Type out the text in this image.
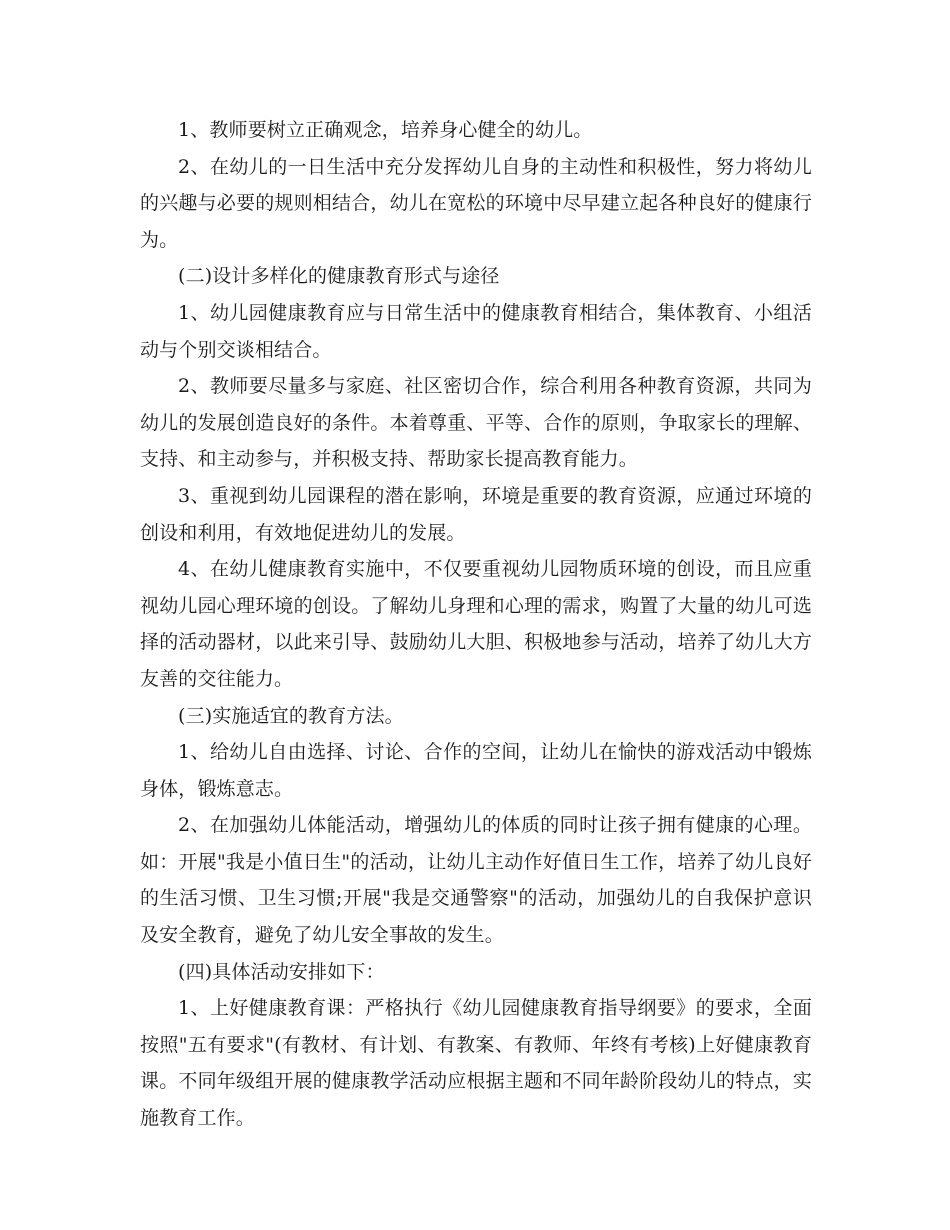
1、教师要树立正确观念，培养身心健全的幼儿。

2、在幼儿的一日生活中充分发挥幼儿自身的主动性和积极性，努力将幼儿的兴趣与必要的规则相结合，幼儿在宽松的环境中尽早建立起各种良好的健康行为。

(二)设计多样化的健康教育形式与途径

1、幼儿园健康教育应与日常生活中的健康教育相结合，集体教育、小组活动与个别交谈相结合。

2、教师要尽量多与家庭、社区密切合作，综合利用各种教育资源，共同为幼儿的发展创造良好的条件。本着尊重、平等、合作的原则，争取家长的理解、支持、和主动参与，并积极支持、帮助家长提高教育能力。

3、重视到幼儿园课程的潜在影响，环境是重要的教育资源，应通过环境的创设和利用，有效地促进幼儿的发展。

4、在幼儿健康教育实施中，不仅要重视幼儿园物质环境的创设，而且应重视幼儿园心理环境的创设。了解幼儿身理和心理的需求，购置了大量的幼儿可选择的活动器材，以此来引导、鼓励幼儿大胆、积极地参与活动，培养了幼儿大方友善的交往能力。

(三)实施适宜的教育方法。

1、给幼儿自由选择、讨论、合作的空间，让幼儿在愉快的游戏活动中锻炼身体，锻炼意志。

2、在加强幼儿体能活动，增强幼儿的体质的同时让孩子拥有健康的心理。如：开展"我是小值日生"的活动，让幼儿主动作好值日生工作，培养了幼儿良好的生活习惯、卫生习惯;开展"我是交通警察"的活动，加强幼儿的自我保护意识及安全教育，避免了幼儿安全事故的发生。

(四)具体活动安排如下：

1、上好健康教育课：严格执行《幼儿园健康教育指导纲要》的要求，全面按照"五有要求"(有教材、有计划、有教案、有教师、年终有考核)上好健康教育课。不同年级组开展的健康教学活动应根据主题和不同年龄阶段幼儿的特点，实施教育工作。
